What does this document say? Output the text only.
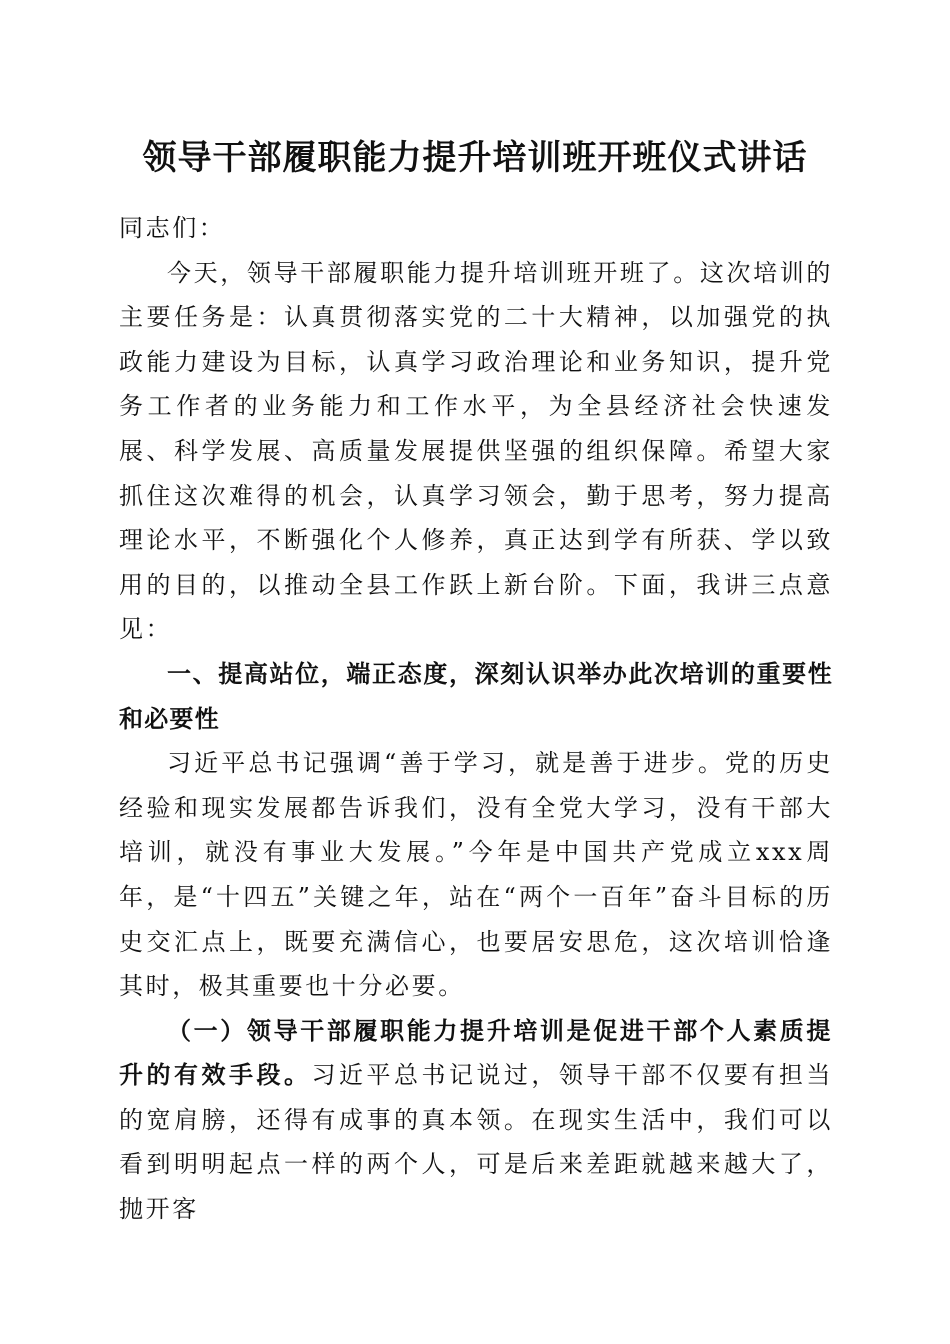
领导干部履职能力提升培训班开班仪式讲话

同志们：

今天，领导干部履职能力提升培训班开班了。这次培训的主要任务是：认真贯彻落实党的二十大精神，以加强党的执政能力建设为目标，认真学习政治理论和业务知识，提升党务工作者的业务能力和工作水平，为全县经济社会快速发展、科学发展、高质量发展提供坚强的组织保障。希望大家抓住这次难得的机会，认真学习领会，勤于思考，努力提高理论水平，不断强化个人修养，真正达到学有所获、学以致用的目的，以推动全县工作跃上新台阶。下面，我讲三点意见：

一、提高站位，端正态度，深刻认识举办此次培训的重要性和必要性

习近平总书记强调“善于学习，就是善于进步。党的历史经验和现实发展都告诉我们，没有全党大学习，没有干部大培训，就没有事业大发展。”今年是中国共产党成立xxx周年，是“十四五”关键之年，站在“两个一百年”奋斗目标的历史交汇点上，既要充满信心，也要居安思危，这次培训恰逢其时，极其重要也十分必要。

（一）领导干部履职能力提升培训是促进干部个人素质提升的有效手段。习近平总书记说过，领导干部不仅要有担当的宽肩膀，还得有成事的真本领。在现实生活中，我们可以看到明明起点一样的两个人，可是后来差距就越来越大了，抛开客
